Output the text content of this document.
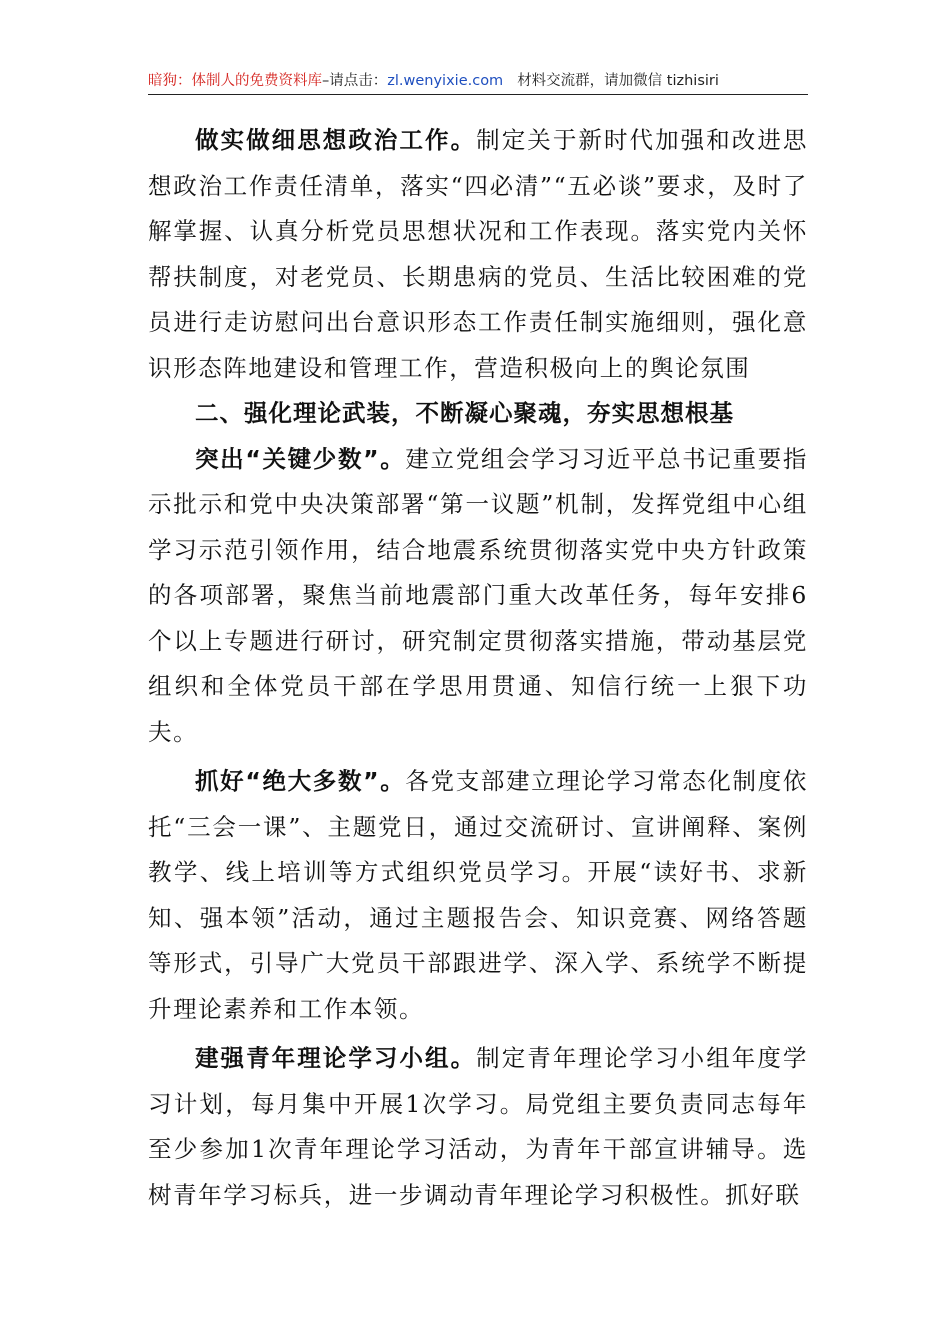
暗狗：体制人的免费资料库–请点击：zl.wenyixie.com 材料交流群，请加微信 tizhisiri

做实做细思想政治工作。制定关于新时代加强和改进思想政治工作责任清单，落实“四必清”“五必谈”要求，及时了解掌握、认真分析党员思想状况和工作表现。落实党内关怀帮扶制度，对老党员、长期患病的党员、生活比较困难的党员进行走访慰问出台意识形态工作责任制实施细则，强化意识形态阵地建设和管理工作，营造积极向上的舆论氛围

二、强化理论武装，不断凝心聚魂，夯实思想根基

突出“关键少数”。建立党组会学习习近平总书记重要指示批示和党中央决策部署“第一议题”机制，发挥党组中心组学习示范引领作用，结合地震系统贯彻落实党中央方针政策的各项部署，聚焦当前地震部门重大改革任务，每年安排6个以上专题进行研讨，研究制定贯彻落实措施，带动基层党组织和全体党员干部在学思用贯通、知信行统一上狠下功夫。

抓好“绝大多数”。各党支部建立理论学习常态化制度依托“三会一课”、主题党日，通过交流研讨、宣讲阐释、案例教学、线上培训等方式组织党员学习。开展“读好书、求新知、强本领”活动，通过主题报告会、知识竞赛、网络答题等形式，引导广大党员干部跟进学、深入学、系统学不断提升理论素养和工作本领。

建强青年理论学习小组。制定青年理论学习小组年度学习计划，每月集中开展1次学习。局党组主要负责同志每年至少参加1次青年理论学习活动，为青年干部宣讲辅导。选树青年学习标兵，进一步调动青年理论学习积极性。抓好联
